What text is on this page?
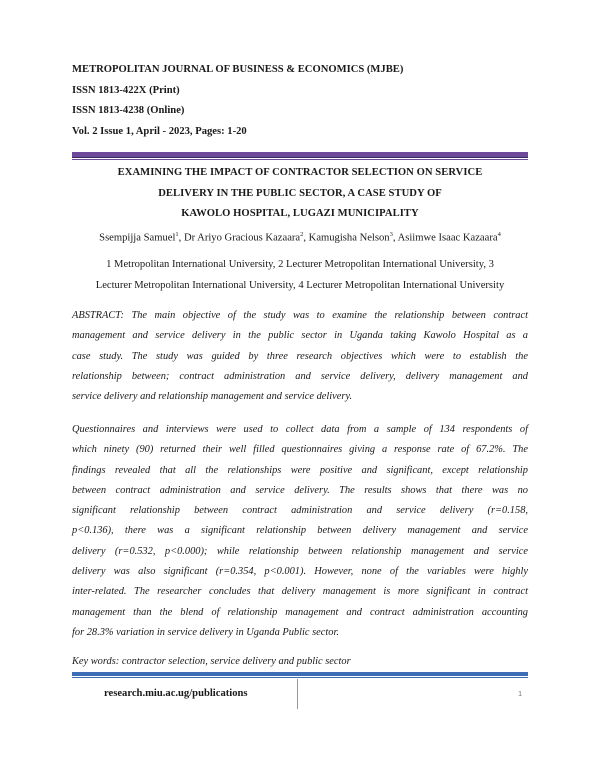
METROPOLITAN JOURNAL OF BUSINESS & ECONOMICS (MJBE)
ISSN 1813-422X (Print)
ISSN 1813-4238 (Online)
Vol. 2 Issue 1, April - 2023, Pages: 1-20
EXAMINING THE IMPACT OF CONTRACTOR SELECTION ON SERVICE
DELIVERY IN THE PUBLIC SECTOR, A CASE STUDY OF
KAWOLO HOSPITAL, LUGAZI MUNICIPALITY
Ssempijja Samuel$^1$, Dr Ariyo Gracious Kazaara$^2$, Kamugisha Nelson$^3$, Asiimwe Isaac Kazaara$^4$
1 Metropolitan International University, 2 Lecturer Metropolitan International University, 3
Lecturer Metropolitan International University, 4 Lecturer Metropolitan International University
ABSTRACT: The main objective of the study was to examine the relationship between contract
management and service delivery in the public sector in Uganda taking Kawolo Hospital as a
case study. The study was guided by three research objectives which were to establish the
relationship between; contract administration and service delivery, delivery management and
service delivery and relationship management and service delivery.
Questionnaires and interviews were used to collect data from a sample of 134 respondents of
which ninety (90) returned their well filled questionnaires giving a response rate of 67.2%. The
findings revealed that all the relationships were positive and significant, except relationship
between contract administration and service delivery. The results shows that there was no
significant relationship between contract administration and service delivery (r=0.158,
p<0.136), there was a significant relationship between delivery management and service
delivery (r=0.532, p<0.000); while relationship between relationship management and service
delivery was also significant (r=0.354, p<0.001). However, none of the variables were highly
inter-related. The researcher concludes that delivery management is more significant in contract
management than the blend of relationship management and contract administration accounting
for 28.3% variation in service delivery in Uganda Public sector.
Key words: contractor selection, service delivery and public sector
research.miu.ac.ug/publications	1
